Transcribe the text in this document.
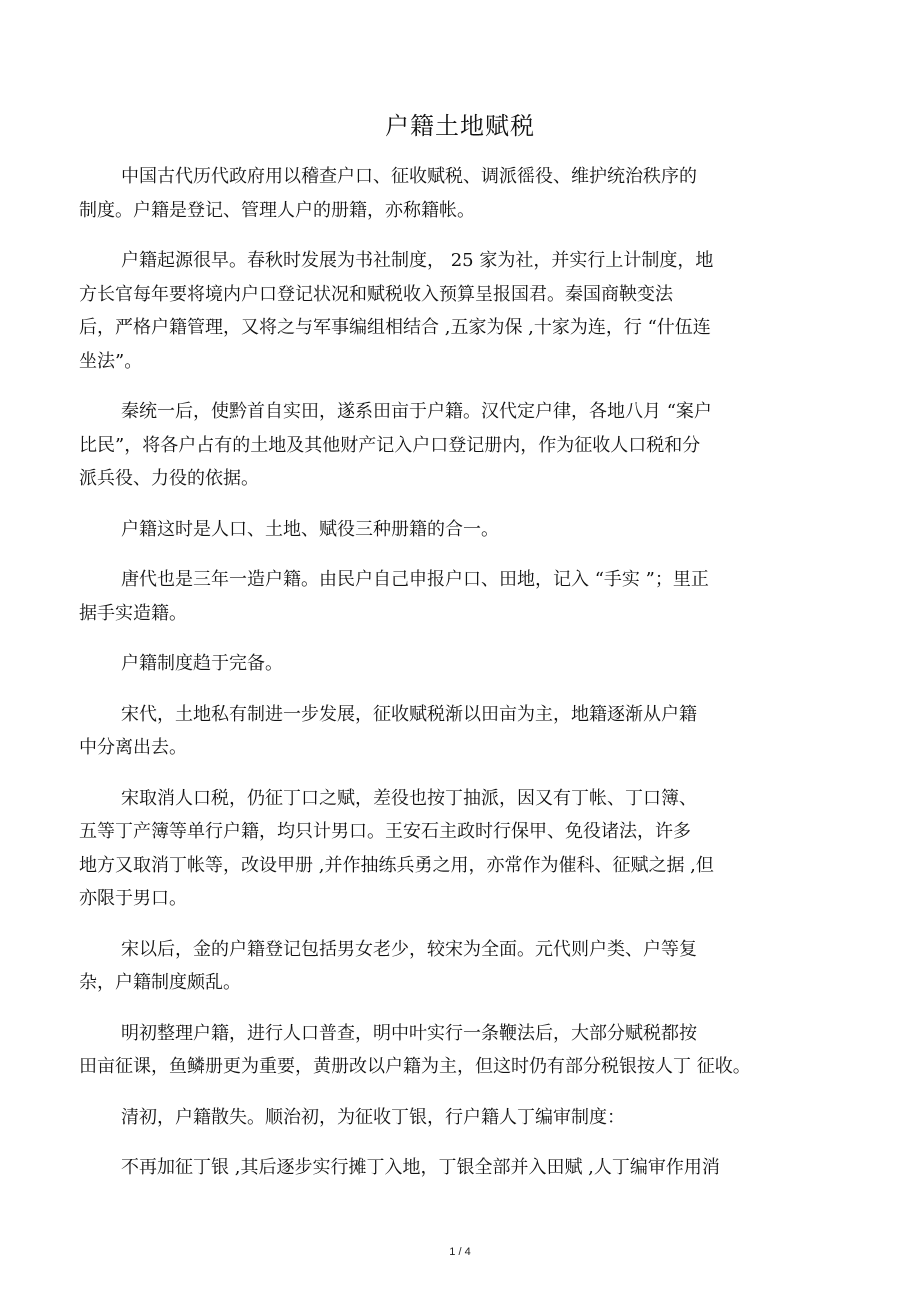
户籍土地赋税
中国古代历代政府用以稽查户口、征收赋税、调派徭役、维护统治秩序的
制度。户籍是登记、管理人户的册籍，亦称籍帐。
户籍起源很早。春秋时发展为书社制度， 25 家为社，并实行上计制度，地
方长官每年要将境内户口登记状况和赋税收入预算呈报国君。秦国商鞅变法
后，严格户籍管理，又将之与军事编组相结合 ,五家为保 ,十家为连，行 “什伍连
坐法”。
秦统一后，使黔首自实田，遂系田亩于户籍。汉代定户律，各地八月 “案户
比民”，将各户占有的土地及其他财产记入户口登记册内，作为征收人口税和分
派兵役、力役的依据。
户籍这时是人口、土地、赋役三种册籍的合一。
唐代也是三年一造户籍。由民户自己申报户口、田地，记入 “手实 ”；里正
据手实造籍。
户籍制度趋于完备。
宋代，土地私有制进一步发展，征收赋税渐以田亩为主，地籍逐渐从户籍
中分离出去。
宋取消人口税，仍征丁口之赋，差役也按丁抽派，因又有丁帐、丁口簿、
五等丁产簿等单行户籍，均只计男口。王安石主政时行保甲、免役诸法，许多
地方又取消丁帐等，改设甲册 ,并作抽练兵勇之用，亦常作为催科、征赋之据 ,但
亦限于男口。
宋以后，金的户籍登记包括男女老少，较宋为全面。元代则户类、户等复
杂，户籍制度颇乱。
明初整理户籍，进行人口普查，明中叶实行一条鞭法后，大部分赋税都按
田亩征课，鱼鳞册更为重要，黄册改以户籍为主，但这时仍有部分税银按人丁 征收。
清初，户籍散失。顺治初，为征收丁银，行户籍人丁编审制度：
不再加征丁银 ,其后逐步实行摊丁入地，丁银全部并入田赋 ,人丁编审作用消
1 / 4
